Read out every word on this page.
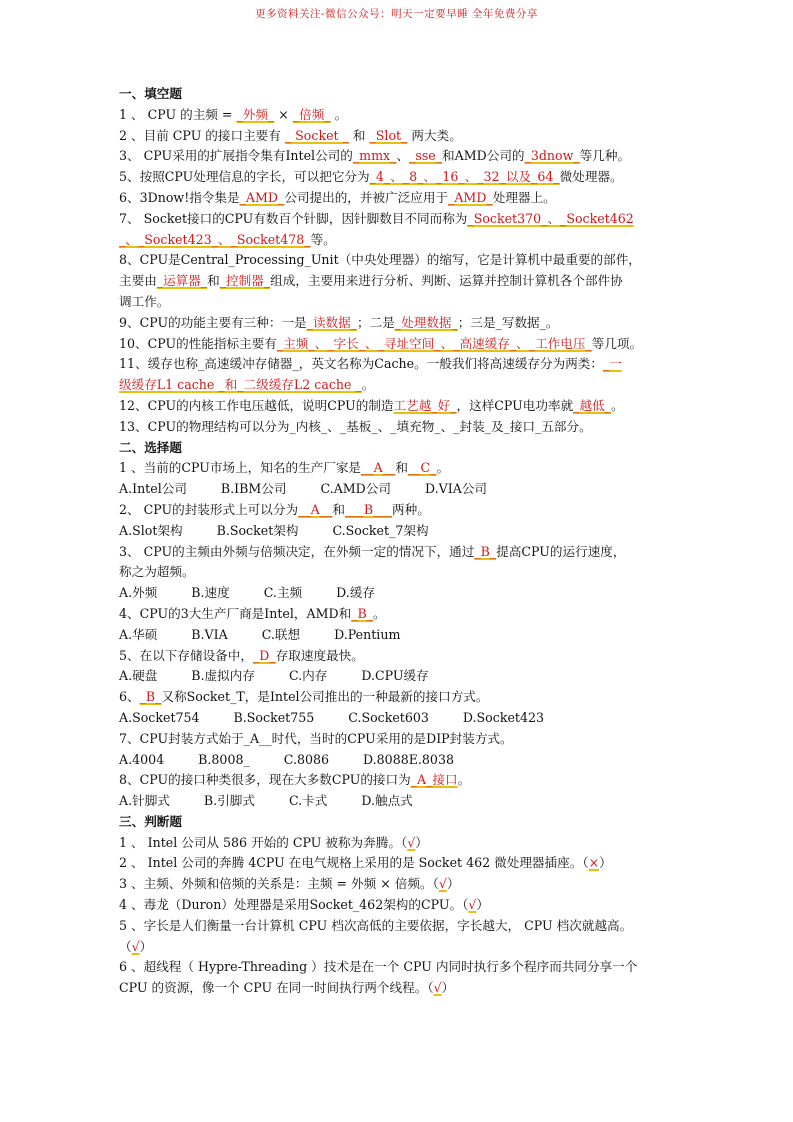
更多资料关注-微信公众号：明天一定要早睡 全年免费分享
一、填空题
1 、 CPU 的主频 = _外频_ × _倍频_ 。
2 、目前 CPU 的接口主要有 _ Socket _ 和 _Slot_ 两大类。
3、 CPU采用的扩展指令集有Intel公司的_mmx_、_sse_和AMD公司的_3dnow_等几种。
5、按照CPU处理信息的字长，可以把它分为_4_、_8_、_16_、_32_以及_64_微处理器。
6、3Dnow!指令集是_AMD_公司提出的，并被广泛应用于_AMD_处理器上。
7、 Socket接口的CPU有数百个针脚，因针脚数目不同而称为_Socket370_、_Socket462
_、_Socket423_、_Socket478_等。
8、CPU是Central_Processing_Unit（中央处理器）的缩写，它是计算机中最重要的部件，
主要由_运算器_和_控制器_组成，主要用来进行分析、判断、运算并控制计算机各个部件协
调工作。
9、CPU的功能主要有三种：一是_读数据_；二是_处理数据_；三是_写数据_。
10、CPU的性能指标主要有_主频_、_字长_、_寻址空间_、_高速缓存_、_工作电压_等几项。
11、缓存也称_高速缓冲存储器_，英文名称为Cache。一般我们将高速缓存分为两类：_一
级缓存L1 cache _和_二级缓存L2 cache _。
12、CPU的内核工作电压越低，说明CPU的制造工艺越_好_，这样CPU电功率就_越低_。
13、CPU的物理结构可以分为_内核_、_基板_、_填充物_、_封装_及_接口_五部分。
二、选择题
1 、当前的CPU市场上，知名的生产厂家是__A__和__C_。
A.Intel公司	B.IBM公司	C.AMD公司	D.VIA公司
2、 CPU的封装形式上可以分为__A__和___B___两种。
A.Slot架构	B.Socket架构	C.Socket_7架构
3、 CPU的主频由外频与倍频决定，在外频一定的情况下，通过_B_提高CPU的运行速度，
称之为超频。
A.外频	B.速度	C.主频	D.缓存
4、CPU的3大生产厂商是Intel，AMD和_B_。
A.华硕	B.VIA	C.联想	D.Pentium
5、在以下存储设备中，_D_存取速度最快。
A.硬盘	B.虚拟内存	C.内存	D.CPU缓存
6、_B_又称Socket_T，是Intel公司推出的一种最新的接口方式。
A.Socket754	B.Socket755	C.Socket603	D.Socket423
7、CPU封装方式始于_A__时代，当时的CPU采用的是DIP封装方式。
A.4004	B.8008_	C.8086	D.8088E.8038
8、CPU的接口种类很多，现在大多数CPU的接口为_A_接口。
A.针脚式	B.引脚式	C.卡式	D.触点式
三、判断题
1 、 Intel 公司从 586 开始的 CPU 被称为奔腾。（√）
2 、 Intel 公司的奔腾 4CPU 在电气规格上采用的是 Socket 462 微处理器插座。（×）
3 、主频、外频和倍频的关系是：主频 = 外频 × 倍频。（√）
4 、毒龙（Duron）处理器是采用Socket_462架构的CPU。（√）
5 、字长是人们衡量一台计算机 CPU 档次高低的主要依据，字长越大， CPU 档次就越高。
（√）
6 、超线程（ Hypre-Threading ）技术是在一个 CPU 内同时执行多个程序而共同分享一个
CPU 的资源，像一个 CPU 在同一时间执行两个线程。（√）
